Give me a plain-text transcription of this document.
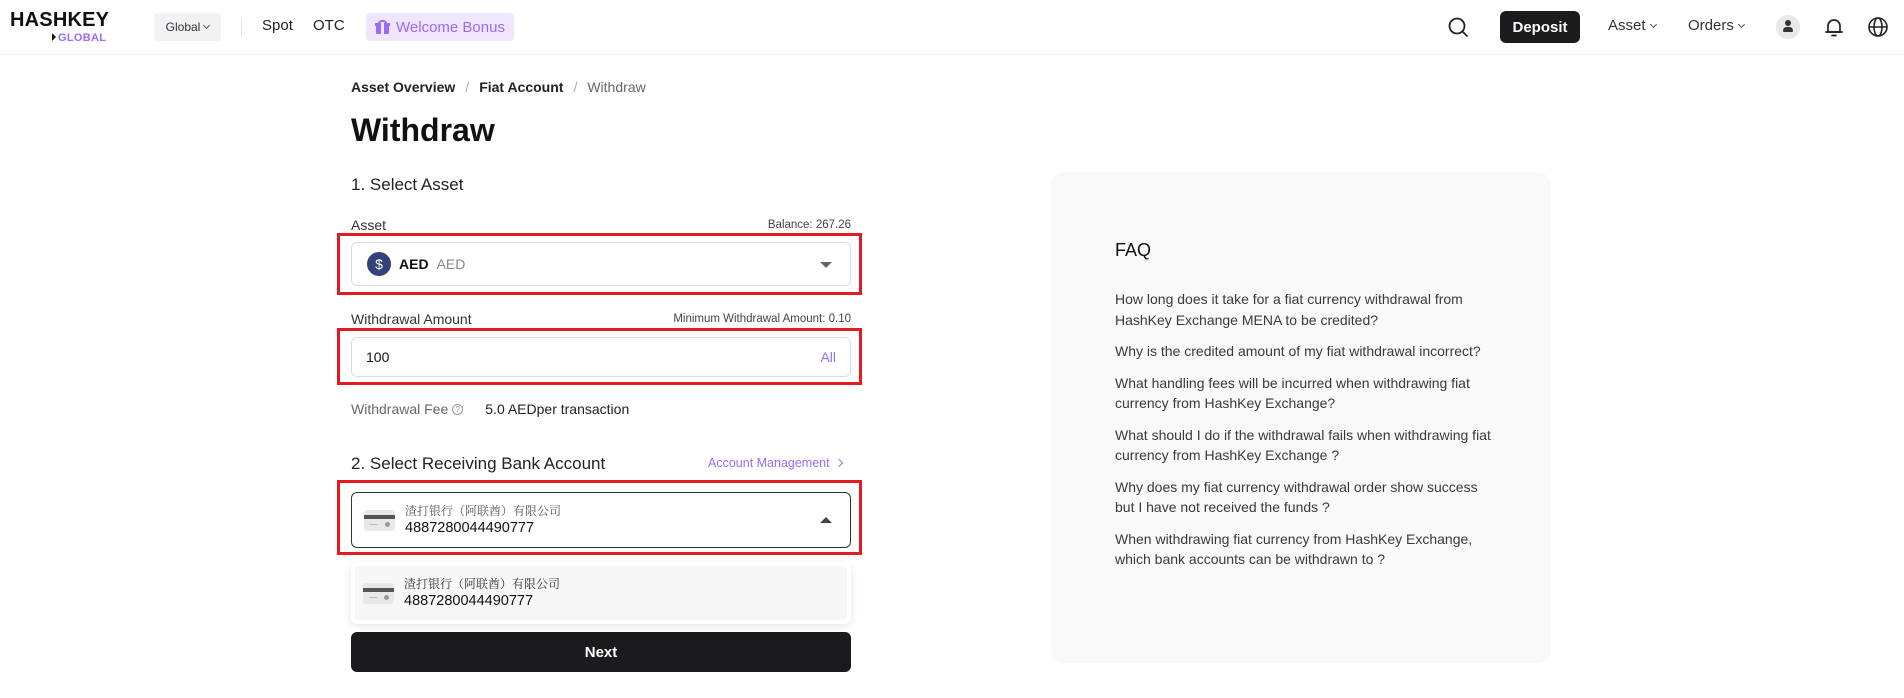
HASHKEY
GLOBAL
Global	Spot OTC	Welcome Bonus	Deposit	Asset	Orders
Asset Overview / Fiat Account / Withdraw
Withdraw
1. Select Asset
Asset	Balance: 267.26
$	AED AED
Withdrawal Amount	Minimum Withdrawal Amount: 0.10
100
All
Withdrawal Fee ? 5.0 AEDper transaction
2. Select Receiving Bank Account	Account Management
渣打银行（阿联酋）有限公司
4887280044490777
渣打银行（阿联酋）有限公司
4887280044490777
Next
FAQ
How long does it take for a fiat currency withdrawal from HashKey Exchange MENA to be credited?
Why is the credited amount of my fiat withdrawal incorrect?
What handling fees will be incurred when withdrawing fiat currency from HashKey Exchange?
What should I do if the withdrawal fails when withdrawing fiat currency from HashKey Exchange ?
Why does my fiat currency withdrawal order show success but I have not received the funds ?
When withdrawing fiat currency from HashKey Exchange, which bank accounts can be withdrawn to ?
